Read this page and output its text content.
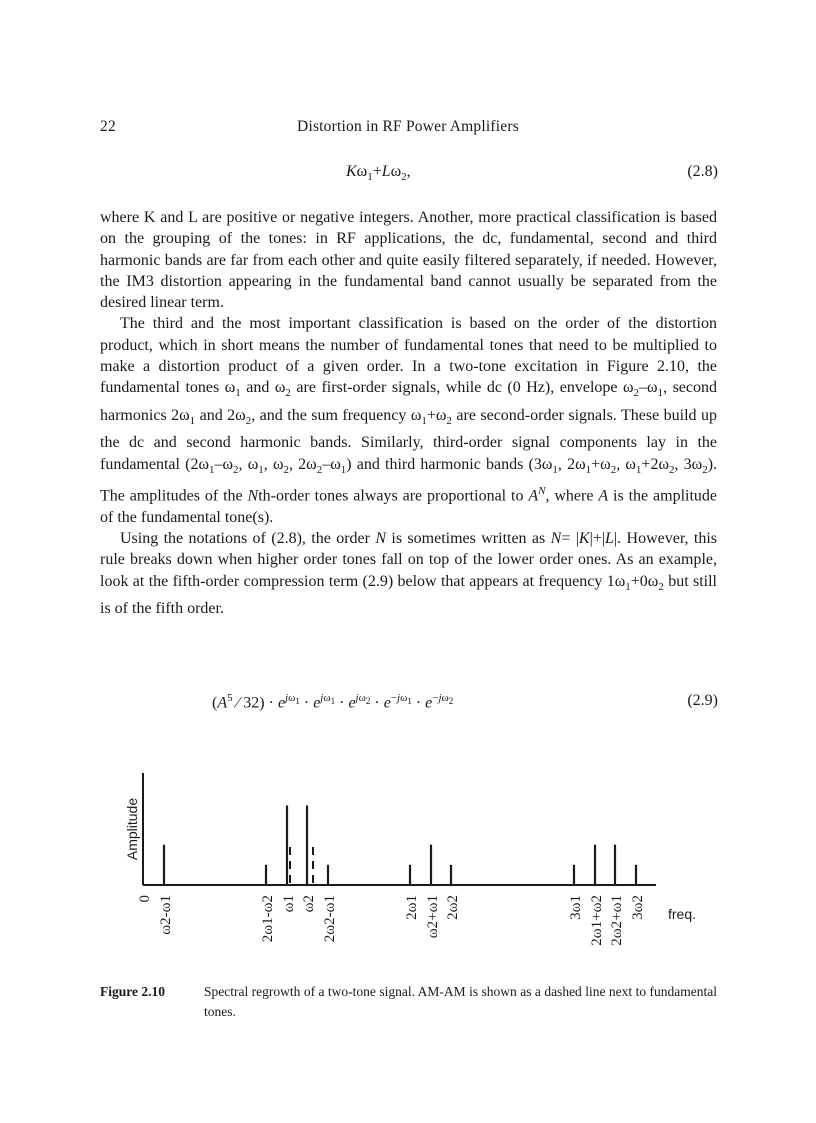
22	Distortion in RF Power Amplifiers
$K\omega_1+L\omega_2$,	(2.8)

where K and L are positive or negative integers. Another, more practical classification is based on the grouping of the tones: in RF applications, the dc, fundamental, second and third harmonic bands are far from each other and quite easily filtered separately, if needed. However, the IM3 distortion appearing in the fundamental band cannot usually be separated from the desired linear term.

The third and the most important classification is based on the order of the distortion product, which in short means the number of fundamental tones that need to be multiplied to make a distortion product of a given order. In a two-tone excitation in Figure 2.10, the fundamental tones $\omega_1$ and $\omega_2$ are first-order signals, while dc (0 Hz), envelope $\omega_2-\omega_1$, second harmonics $2\omega_1$ and $2\omega_2$, and the sum frequency $\omega_1+\omega_2$ are second-order signals. These build up the dc and second harmonic bands. Similarly, third-order signal components lay in the fundamental ($2\omega_1-\omega_2$, $\omega_1$, $\omega_2$, $2\omega_2-\omega_1$) and third harmonic bands ($3\omega_1$, $2\omega_1+\omega_2$, $\omega_1+2\omega_2$, $3\omega_2$). The amplitudes of the Nth-order tones always are proportional to $A^N$, where A is the amplitude of the fundamental tone(s).

Using the notations of (2.8), the order N is sometimes written as N= |K|+|L|. However, this rule breaks down when higher order tones fall on top of the lower order ones. As an example, look at the fifth-order compression term (2.9) below that appears at frequency $1\omega_1+0\omega_2$ but still is of the fifth order.

($A^5$ ⁄ $32) \cdot e^{j\omega_1} \cdot e^{j\omega_1} \cdot e^{j\omega_2} \cdot e^{-j\omega_1} \cdot e^{-j\omega_2}$	(2.9)
Amplitude
freq.
0 ω2-ω1	2ω1-ω2 ω1 ω2 2ω2-ω1	2ω1 ω2+ω1 2ω2	3ω1 2ω1+ω2 2ω2+ω1 3ω2
Figure 2.10	Spectral regrowth of a two-tone signal. AM-AM is shown as a dashed line next to fundamental tones.
